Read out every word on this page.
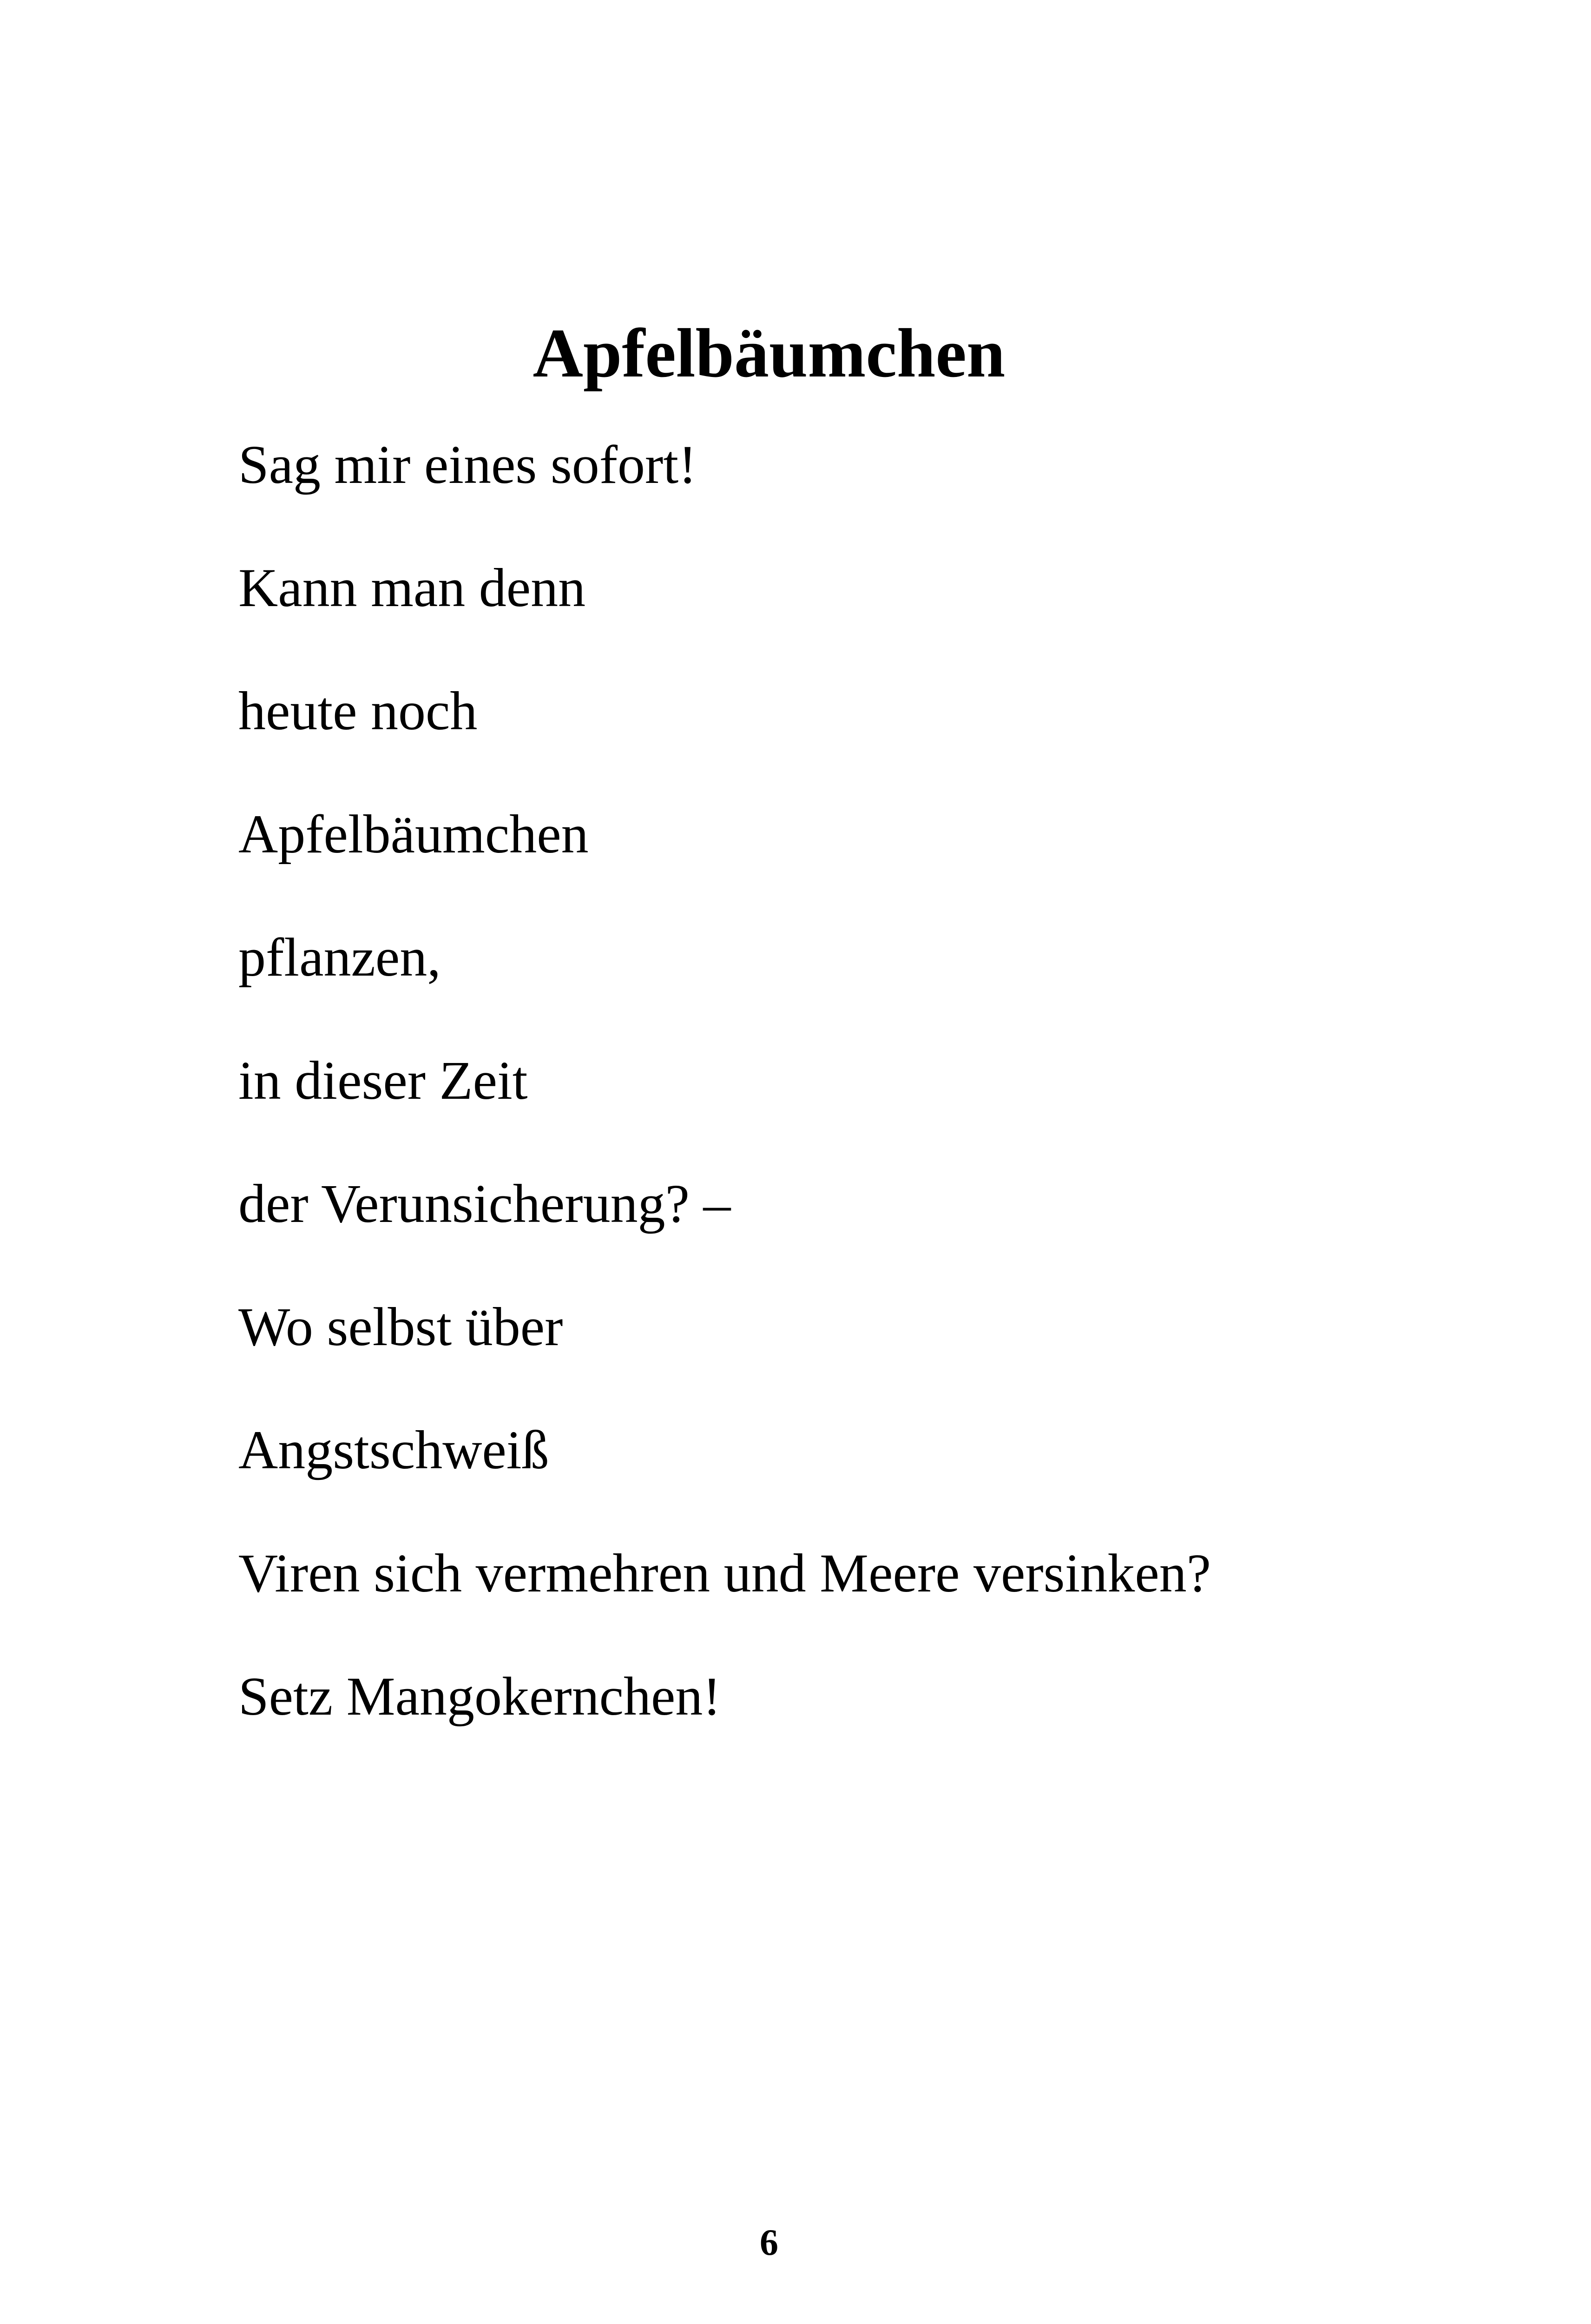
Apfelbäumchen
Sag mir eines sofort!
Kann man denn
heute noch
Apfelbäumchen
pflanzen,
in dieser Zeit
der Verunsicherung? –
Wo selbst über
Angstschweiß
Viren sich vermehren und Meere versinken?
Setz Mangokernchen!
6
